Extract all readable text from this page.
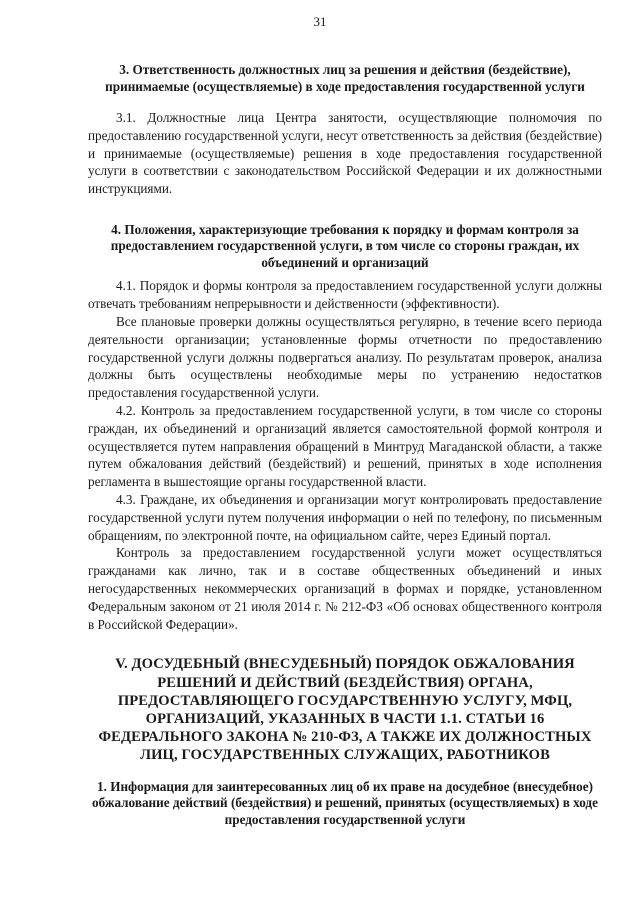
31

3. Ответственность должностных лиц за решения и действия (бездействие), принимаемые (осуществляемые) в ходе предоставления государственной услуги

3.1. Должностные лица Центра занятости, осуществляющие полномочия по предоставлению государственной услуги, несут ответственность за действия (бездействие) и принимаемые (осуществляемые) решения в ходе предоставления государственной услуги в соответствии с законодательством Российской Федерации и их должностными инструкциями.

4. Положения, характеризующие требования к порядку и формам контроля за предоставлением государственной услуги, в том числе со стороны граждан, их объединений и организаций

4.1. Порядок и формы контроля за предоставлением государственной услуги должны отвечать требованиям непрерывности и действенности (эффективности).

Все плановые проверки должны осуществляться регулярно, в течение всего периода деятельности организации; установленные формы отчетности по предоставлению государственной услуги должны подвергаться анализу. По результатам проверок, анализа должны быть осуществлены необходимые меры по устранению недостатков предоставления государственной услуги.

4.2. Контроль за предоставлением государственной услуги, в том числе со стороны граждан, их объединений и организаций является самостоятельной формой контроля и осуществляется путем направления обращений в Минтруд Магаданской области, а также путем обжалования действий (бездействий) и решений, принятых в ходе исполнения регламента в вышестоящие органы государственной власти.

4.3. Граждане, их объединения и организации могут контролировать предоставление государственной услуги путем получения информации о ней по телефону, по письменным обращениям, по электронной почте, на официальном сайте, через Единый портал.

Контроль за предоставлением государственной услуги может осуществляться гражданами как лично, так и в составе общественных объединений и иных негосударственных некоммерческих организаций в формах и порядке, установленном Федеральным законом от 21 июля 2014 г. № 212-ФЗ «Об основах общественного контроля в Российской Федерации».

V. ДОСУДЕБНЫЙ (ВНЕСУДЕБНЫЙ) ПОРЯДОК ОБЖАЛОВАНИЯ РЕШЕНИЙ И ДЕЙСТВИЙ (БЕЗДЕЙСТВИЯ) ОРГАНА, ПРЕДОСТАВЛЯЮЩЕГО ГОСУДАРСТВЕННУЮ УСЛУГУ, МФЦ, ОРГАНИЗАЦИЙ, УКАЗАННЫХ В ЧАСТИ 1.1. СТАТЬИ 16 ФЕДЕРАЛЬНОГО ЗАКОНА № 210-ФЗ, А ТАКЖЕ ИХ ДОЛЖНОСТНЫХ ЛИЦ, ГОСУДАРСТВЕННЫХ СЛУЖАЩИХ, РАБОТНИКОВ

1. Информация для заинтересованных лиц об их праве на досудебное (внесудебное) обжалование действий (бездействия) и решений, принятых (осуществляемых) в ходе предоставления государственной услуги
